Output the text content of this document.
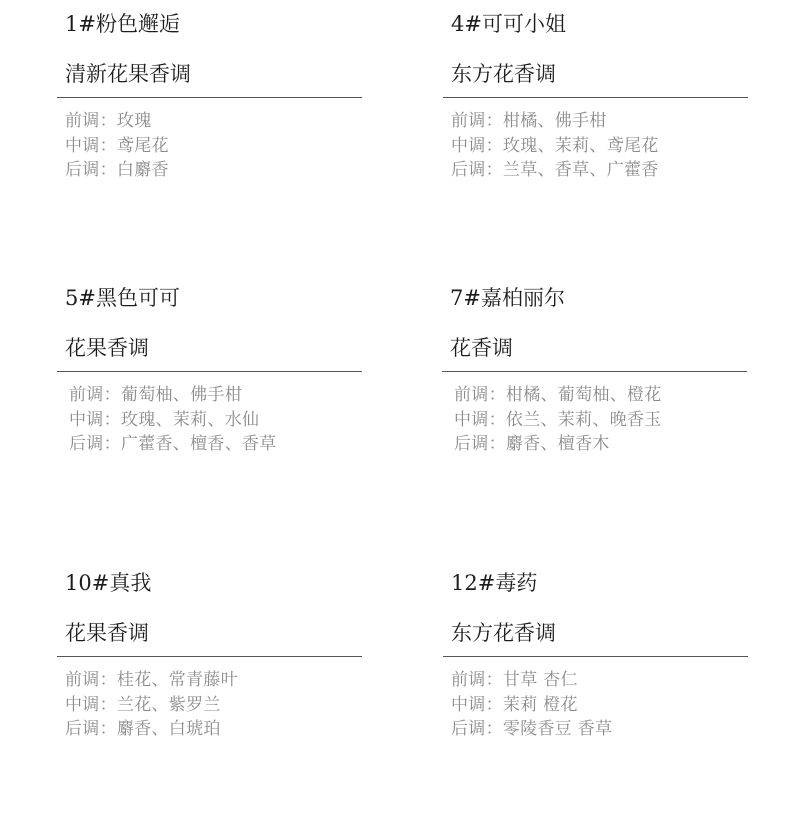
1#粉色邂逅
清新花果香调
前调：玫瑰
中调：鸢尾花
后调：白麝香
4#可可小姐
东方花香调
前调：柑橘、佛手柑
中调：玫瑰、茉莉、鸢尾花
后调：兰草、香草、广藿香
5#黑色可可
花果香调
前调：葡萄柚、佛手柑
中调：玫瑰、茉莉、水仙
后调：广藿香、檀香、香草
7#嘉柏丽尔
花香调
前调：柑橘、葡萄柚、橙花
中调：依兰、茉莉、晚香玉
后调：麝香、檀香木
10#真我
花果香调
前调：桂花、常青藤叶
中调：兰花、紫罗兰
后调：麝香、白琥珀
12#毒药
东方花香调
前调：甘草 杏仁
中调：茉莉 橙花
后调：零陵香豆 香草
